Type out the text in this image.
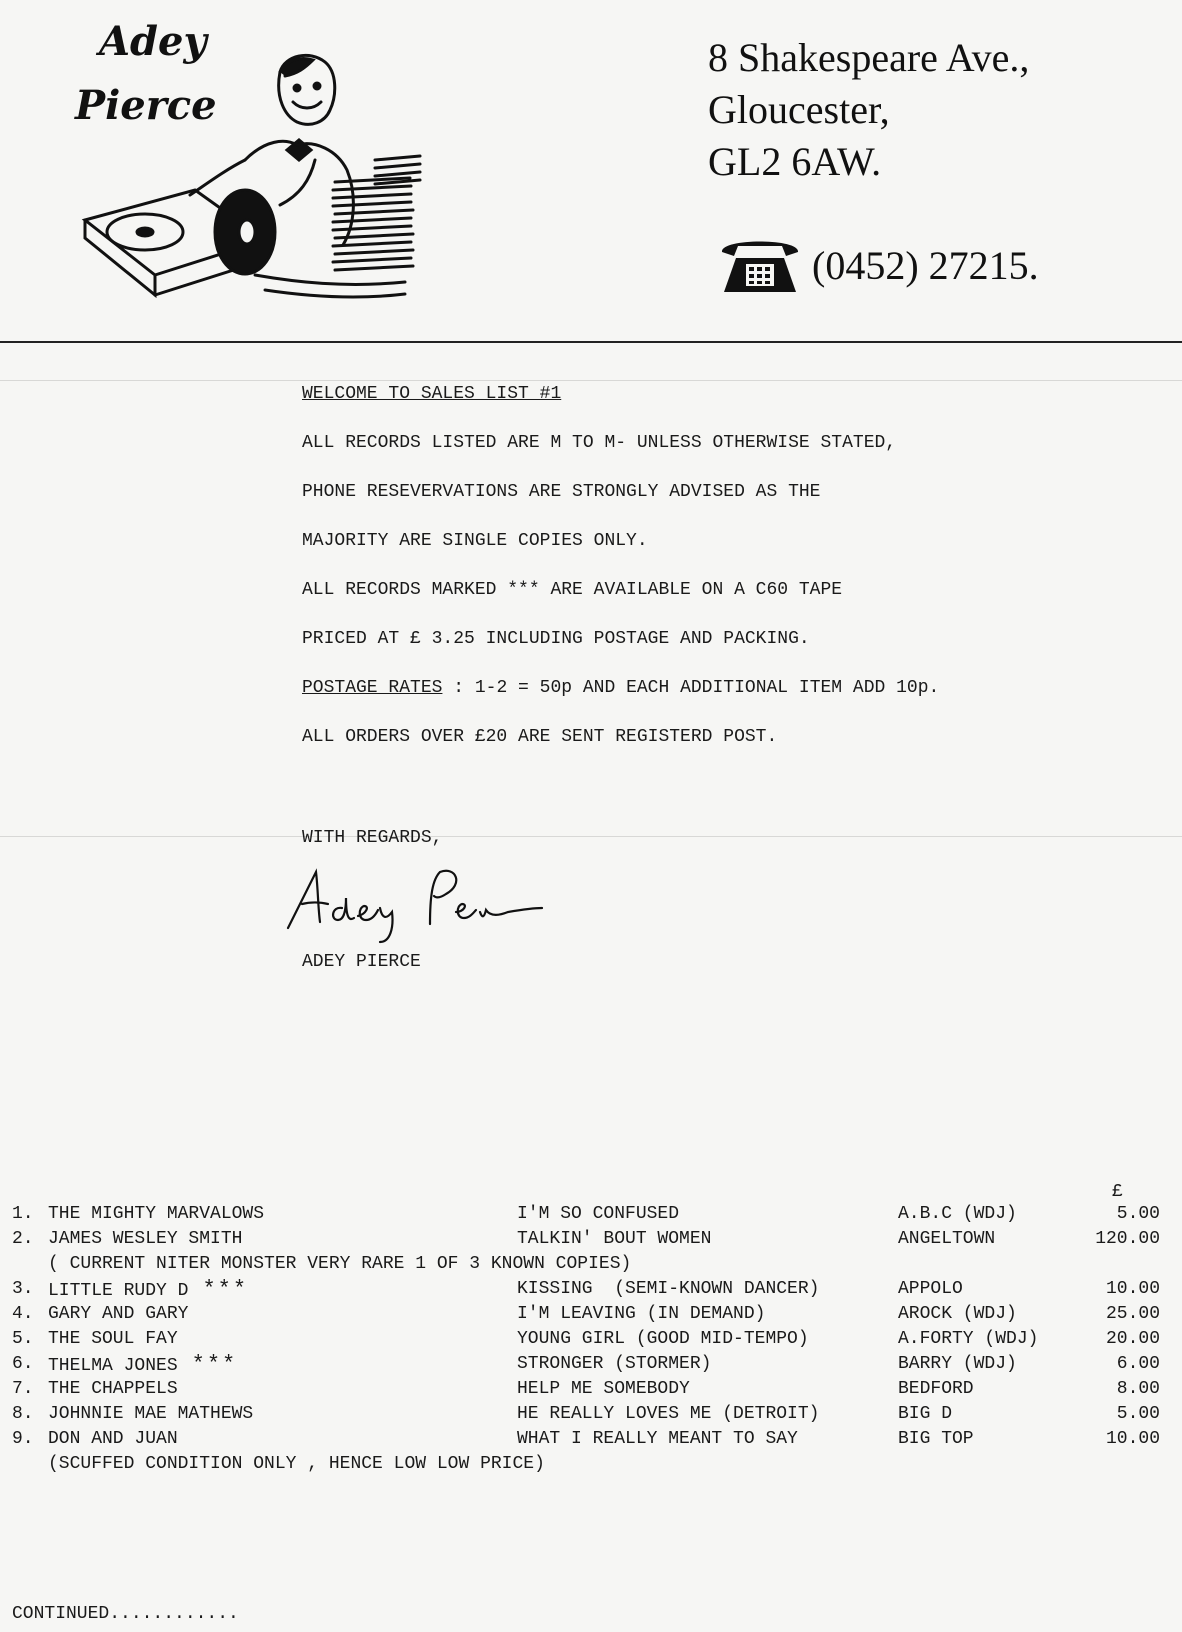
Adey
Pierce
8 Shakespeare Ave.,
Gloucester,
GL2 6AW.
(0452) 27215.

WELCOME TO SALES LIST #1

ALL RECORDS LISTED ARE M TO M- UNLESS OTHERWISE STATED,

PHONE RESEVERVATIONS ARE STRONGLY ADVISED AS THE

MAJORITY ARE SINGLE COPIES ONLY.

ALL RECORDS MARKED *** ARE AVAILABLE ON A C60 TAPE

PRICED AT £ 3.25 INCLUDING POSTAGE AND PACKING.

POSTAGE RATES : 1-2 = 50p AND EACH ADDITIONAL ITEM ADD 10p.

ALL ORDERS OVER £20 ARE SENT REGISTERD POST.

WITH REGARDS,
ADEY PIERCE
£
1. THE MIGHTY MARVALOWS	I'M SO CONFUSED	A.B.C (WDJ)	5.00
2. JAMES WESLEY SMITH	TALKIN' BOUT WOMEN	ANGELTOWN	120.00
( CURRENT NITER MONSTER VERY RARE 1 OF 3 KNOWN COPIES)
3. LITTLE RUDY D ***	KISSING  (SEMI-KNOWN DANCER)	APPOLO	10.00
4. GARY AND GARY	I'M LEAVING (IN DEMAND)	AROCK (WDJ)	25.00
5. THE SOUL FAY	YOUNG GIRL (GOOD MID-TEMPO)	A.FORTY (WDJ)	20.00
6. THELMA JONES ***	STRONGER (STORMER)	BARRY (WDJ)	6.00
7. THE CHAPPELS	HELP ME SOMEBODY	BEDFORD	8.00
8. JOHNNIE MAE MATHEWS	HE REALLY LOVES ME (DETROIT)	BIG D	5.00
9. DON AND JUAN	WHAT I REALLY MEANT TO SAY	BIG TOP	10.00
(SCUFFED CONDITION ONLY , HENCE LOW LOW PRICE)
CONTINUED............
